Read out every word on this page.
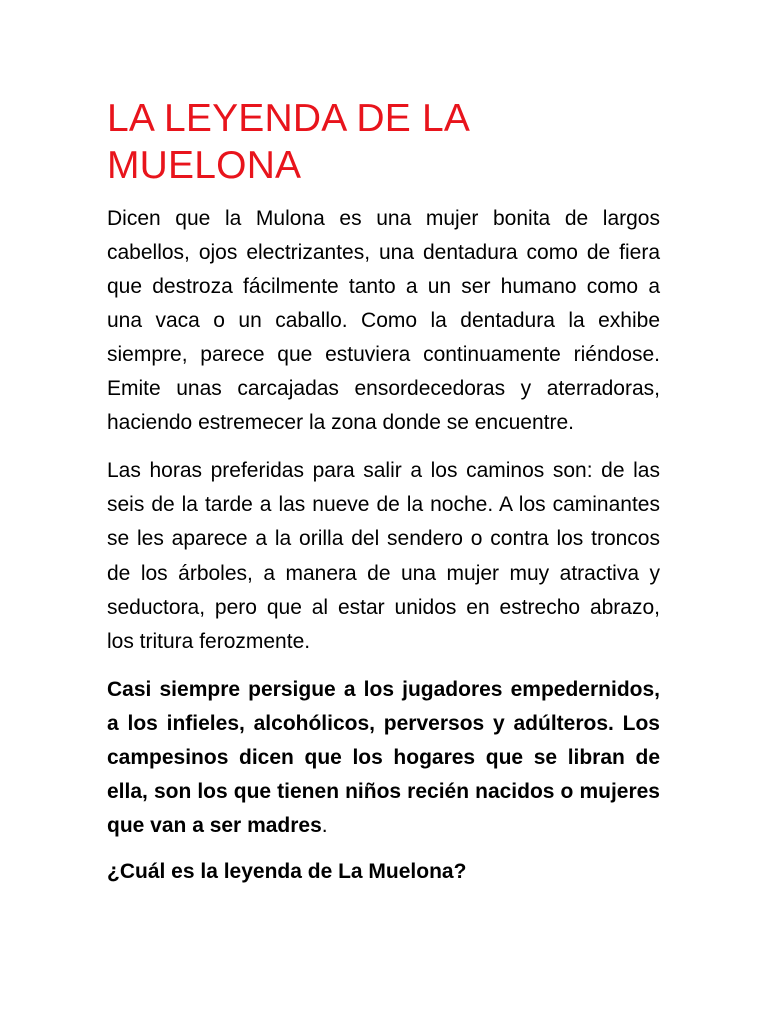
LA LEYENDA DE LA MUELONA

Dicen que la Mulona es una mujer bonita de largos cabellos, ojos electrizantes, una dentadura como de fiera que destroza fácilmente tanto a un ser humano como a una vaca o un caballo. Como la dentadura la exhibe siempre, parece que estuviera continuamente riéndose. Emite unas carcajadas ensordecedoras y aterradoras, haciendo estremecer la zona donde se encuentre.

Las horas preferidas para salir a los caminos son: de las seis de la tarde a las nueve de la noche. A los caminantes se les aparece a la orilla del sendero o contra los troncos de los árboles, a manera de una mujer muy atractiva y seductora, pero que al estar unidos en estrecho abrazo, los tritura ferozmente.

Casi siempre persigue a los jugadores empedernidos, a los infieles, alcohólicos, perversos y adúlteros. Los campesinos dicen que los hogares que se libran de ella, son los que tienen niños recién nacidos o mujeres que van a ser madres.

¿Cuál es la leyenda de La Muelona?
